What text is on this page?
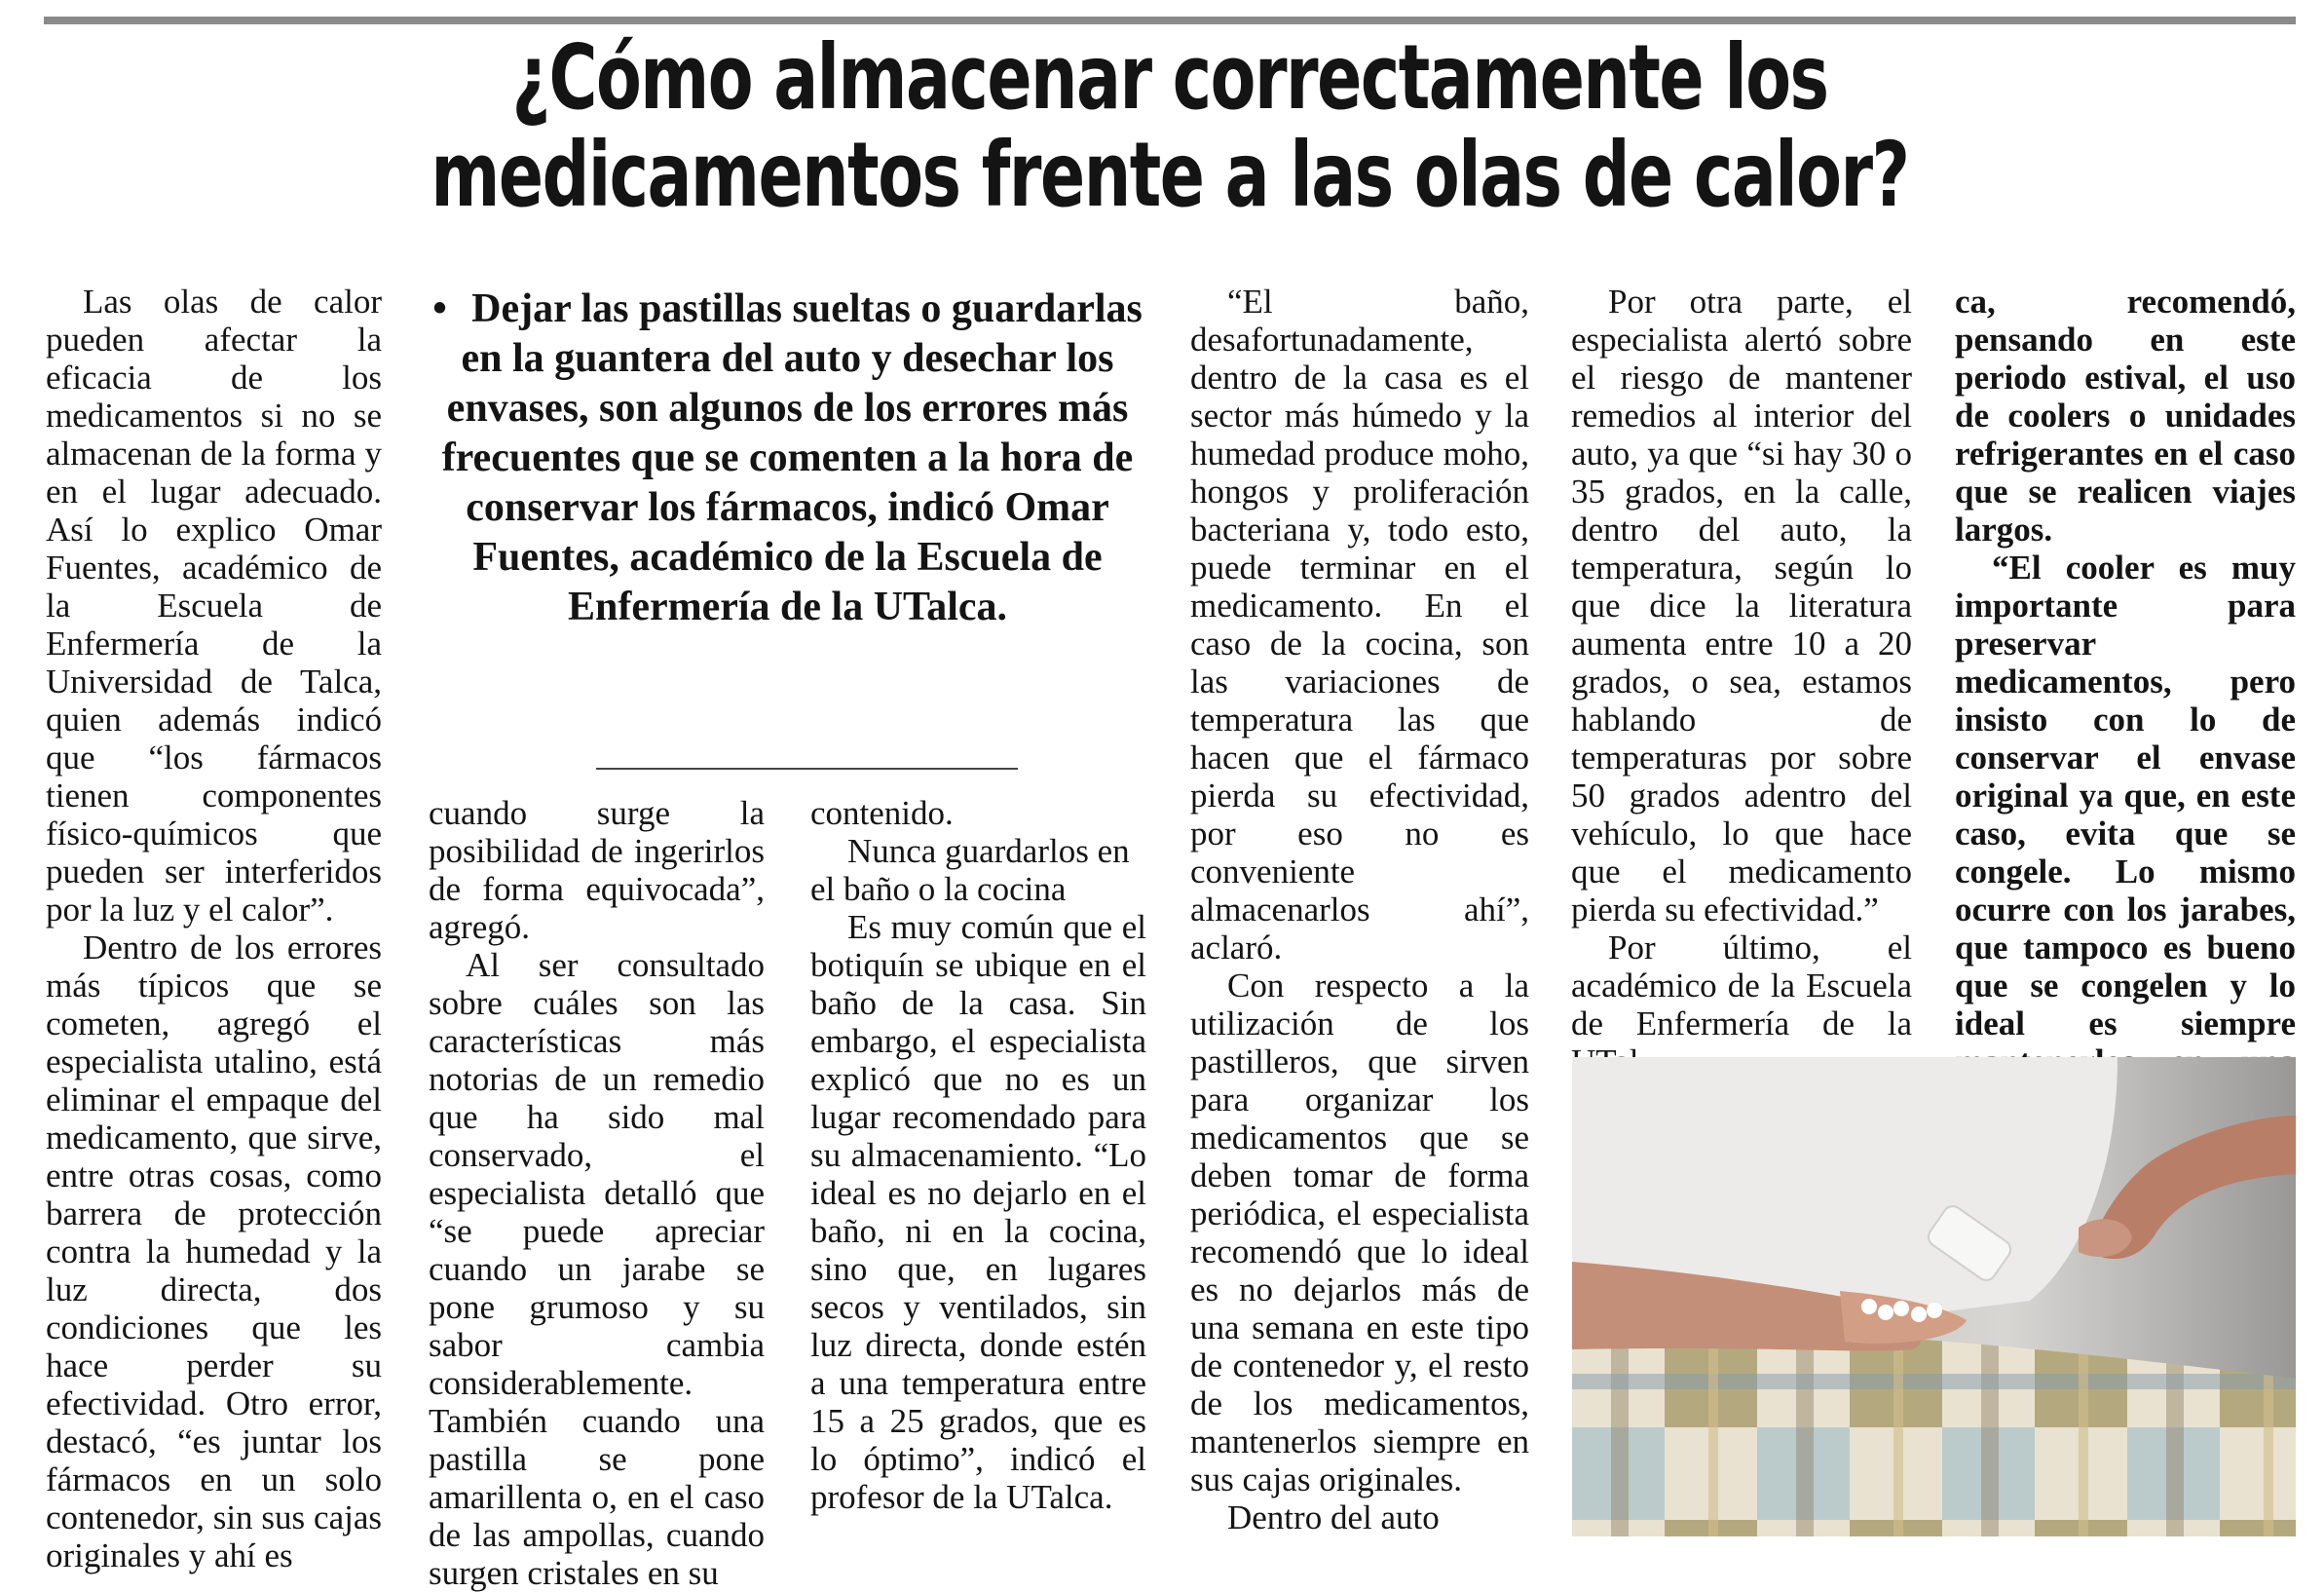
¿Cómo almacenar correctamente los
medicamentos frente a las olas de calor?

Las olas de calor pueden afectar la eficacia de los medicamentos si no se almacenan de la forma y en el lugar adecuado. Así lo explico Omar Fuentes, académico de la Escuela de Enfermería de la Universidad de Talca, quien además indicó que “los fármacos tienen componentes físico-químicos que pueden ser interferidos por la luz y el calor”.

Dentro de los errores más típicos que se cometen, agregó el especialista utalino, está eliminar el empaque del medicamento, que sirve, entre otras cosas, como barrera de protección contra la humedad y la luz directa, dos condiciones que les hace perder su efectividad. Otro error, destacó, “es juntar los fármacos en un solo contenedor, sin sus cajas originales y ahí es

• Dejar las pastillas sueltas o guardarlas en la guantera del auto y desechar los envases, son algunos de los errores más frecuentes que se comenten a la hora de conservar los fármacos, indicó Omar Fuentes, académico de la Escuela de Enfermería de la UTalca.

cuando surge la posibilidad de ingerirlos de forma equivocada”, agregó.

Al ser consultado sobre cuáles son las características más notorias de un remedio que ha sido mal conservado, el especialista detalló que “se puede apreciar cuando un jarabe se pone grumoso y su sabor cambia considerablemente. También cuando una pastilla se pone amarillenta o, en el caso de las ampollas, cuando surgen cristales en su

contenido.

Nunca guardarlos en el baño o la cocina

Es muy común que el botiquín se ubique en el baño de la casa. Sin embargo, el especialista explicó que no es un lugar recomendado para su almacenamiento. “Lo ideal es no dejarlo en el baño, ni en la cocina, sino que, en lugares secos y ventilados, sin luz directa, donde estén a una temperatura entre 15 a 25 grados, que es lo óptimo”, indicó el profesor de la UTalca.

“El baño, desafortunadamente, dentro de la casa es el sector más húmedo y la humedad produce moho, hongos y proliferación bacteriana y, todo esto, puede terminar en el medicamento. En el caso de la cocina, son las variaciones de temperatura las que hacen que el fármaco pierda su efectividad, por eso no es conveniente almacenarlos ahí”, aclaró.

Con respecto a la utilización de los pastilleros, que sirven para organizar los medicamentos que se deben tomar de forma periódica, el especialista recomendó que lo ideal es no dejarlos más de una semana en este tipo de contenedor y, el resto de los medicamentos, mantenerlos siempre en sus cajas originales.

Dentro del auto

Por otra parte, el especialista alertó sobre el riesgo de mantener remedios al interior del auto, ya que “si hay 30 o 35 grados, en la calle, dentro del auto, la temperatura, según lo que dice la literatura aumenta entre 10 a 20 grados, o sea, estamos hablando de temperaturas por sobre 50 grados adentro del vehículo, lo que hace que el medicamento pierda su efectividad.”

Por último, el académico de la Escuela de Enfermería de la

ca, recomendó, pensando en este periodo estival, el uso de coolers o unidades refrigerantes en el caso que se realicen viajes largos.

“El cooler es muy importante para preservar medicamentos, pero insisto con lo de conservar el envase original ya que, en este caso, evita que se congele. Lo mismo ocurre con los jarabes, que tampoco es bueno que se congelen y lo ideal es siempre
